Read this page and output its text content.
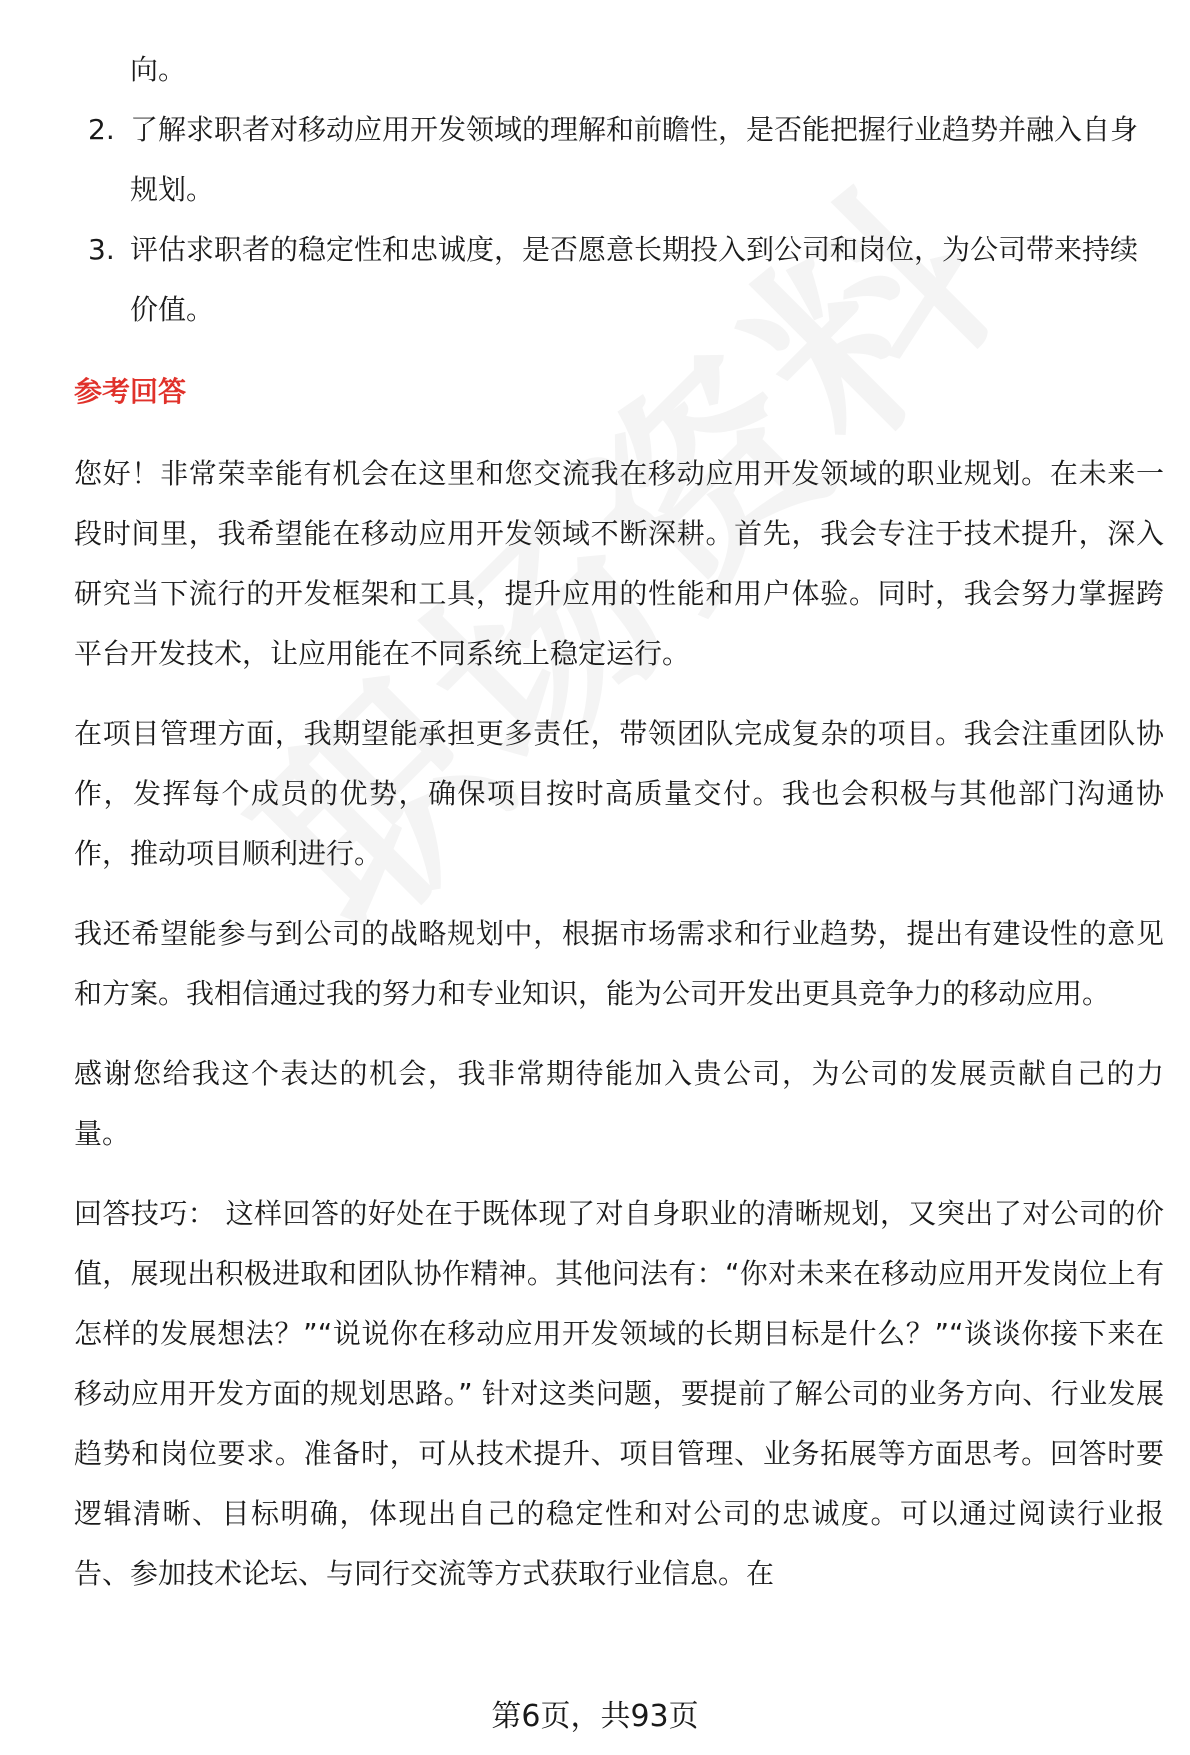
向。
2. 了解求职者对移动应用开发领域的理解和前瞻性，是否能把握行业趋势并融入自身规划。
3. 评估求职者的稳定性和忠诚度，是否愿意长期投入到公司和岗位，为公司带来持续价值。
参考回答

您好！非常荣幸能有机会在这里和您交流我在移动应用开发领域的职业规划。在未来一段时间里，我希望能在移动应用开发领域不断深耕。首先，我会专注于技术提升，深入研究当下流行的开发框架和工具，提升应用的性能和用户体验。同时，我会努力掌握跨平台开发技术，让应用能在不同系统上稳定运行。

在项目管理方面，我期望能承担更多责任，带领团队完成复杂的项目。我会注重团队协作，发挥每个成员的优势，确保项目按时高质量交付。我也会积极与其他部门沟通协作，推动项目顺利进行。

我还希望能参与到公司的战略规划中，根据市场需求和行业趋势，提出有建设性的意见和方案。我相信通过我的努力和专业知识，能为公司开发出更具竞争力的移动应用。

感谢您给我这个表达的机会，我非常期待能加入贵公司，为公司的发展贡献自己的力量。

回答技巧： 这样回答的好处在于既体现了对自身职业的清晰规划，又突出了对公司的价值，展现出积极进取和团队协作精神。其他问法有：“你对未来在移动应用开发岗位上有怎样的发展想法？”“说说你在移动应用开发领域的长期目标是什么？”“谈谈你接下来在移动应用开发方面的规划思路。” 针对这类问题，要提前了解公司的业务方向、行业发展趋势和岗位要求。准备时，可从技术提升、项目管理、业务拓展等方面思考。回答时要逻辑清晰、目标明确，体现出自己的稳定性和对公司的忠诚度。可以通过阅读行业报告、参加技术论坛、与同行交流等方式获取行业信息。在

第6页，共93页
